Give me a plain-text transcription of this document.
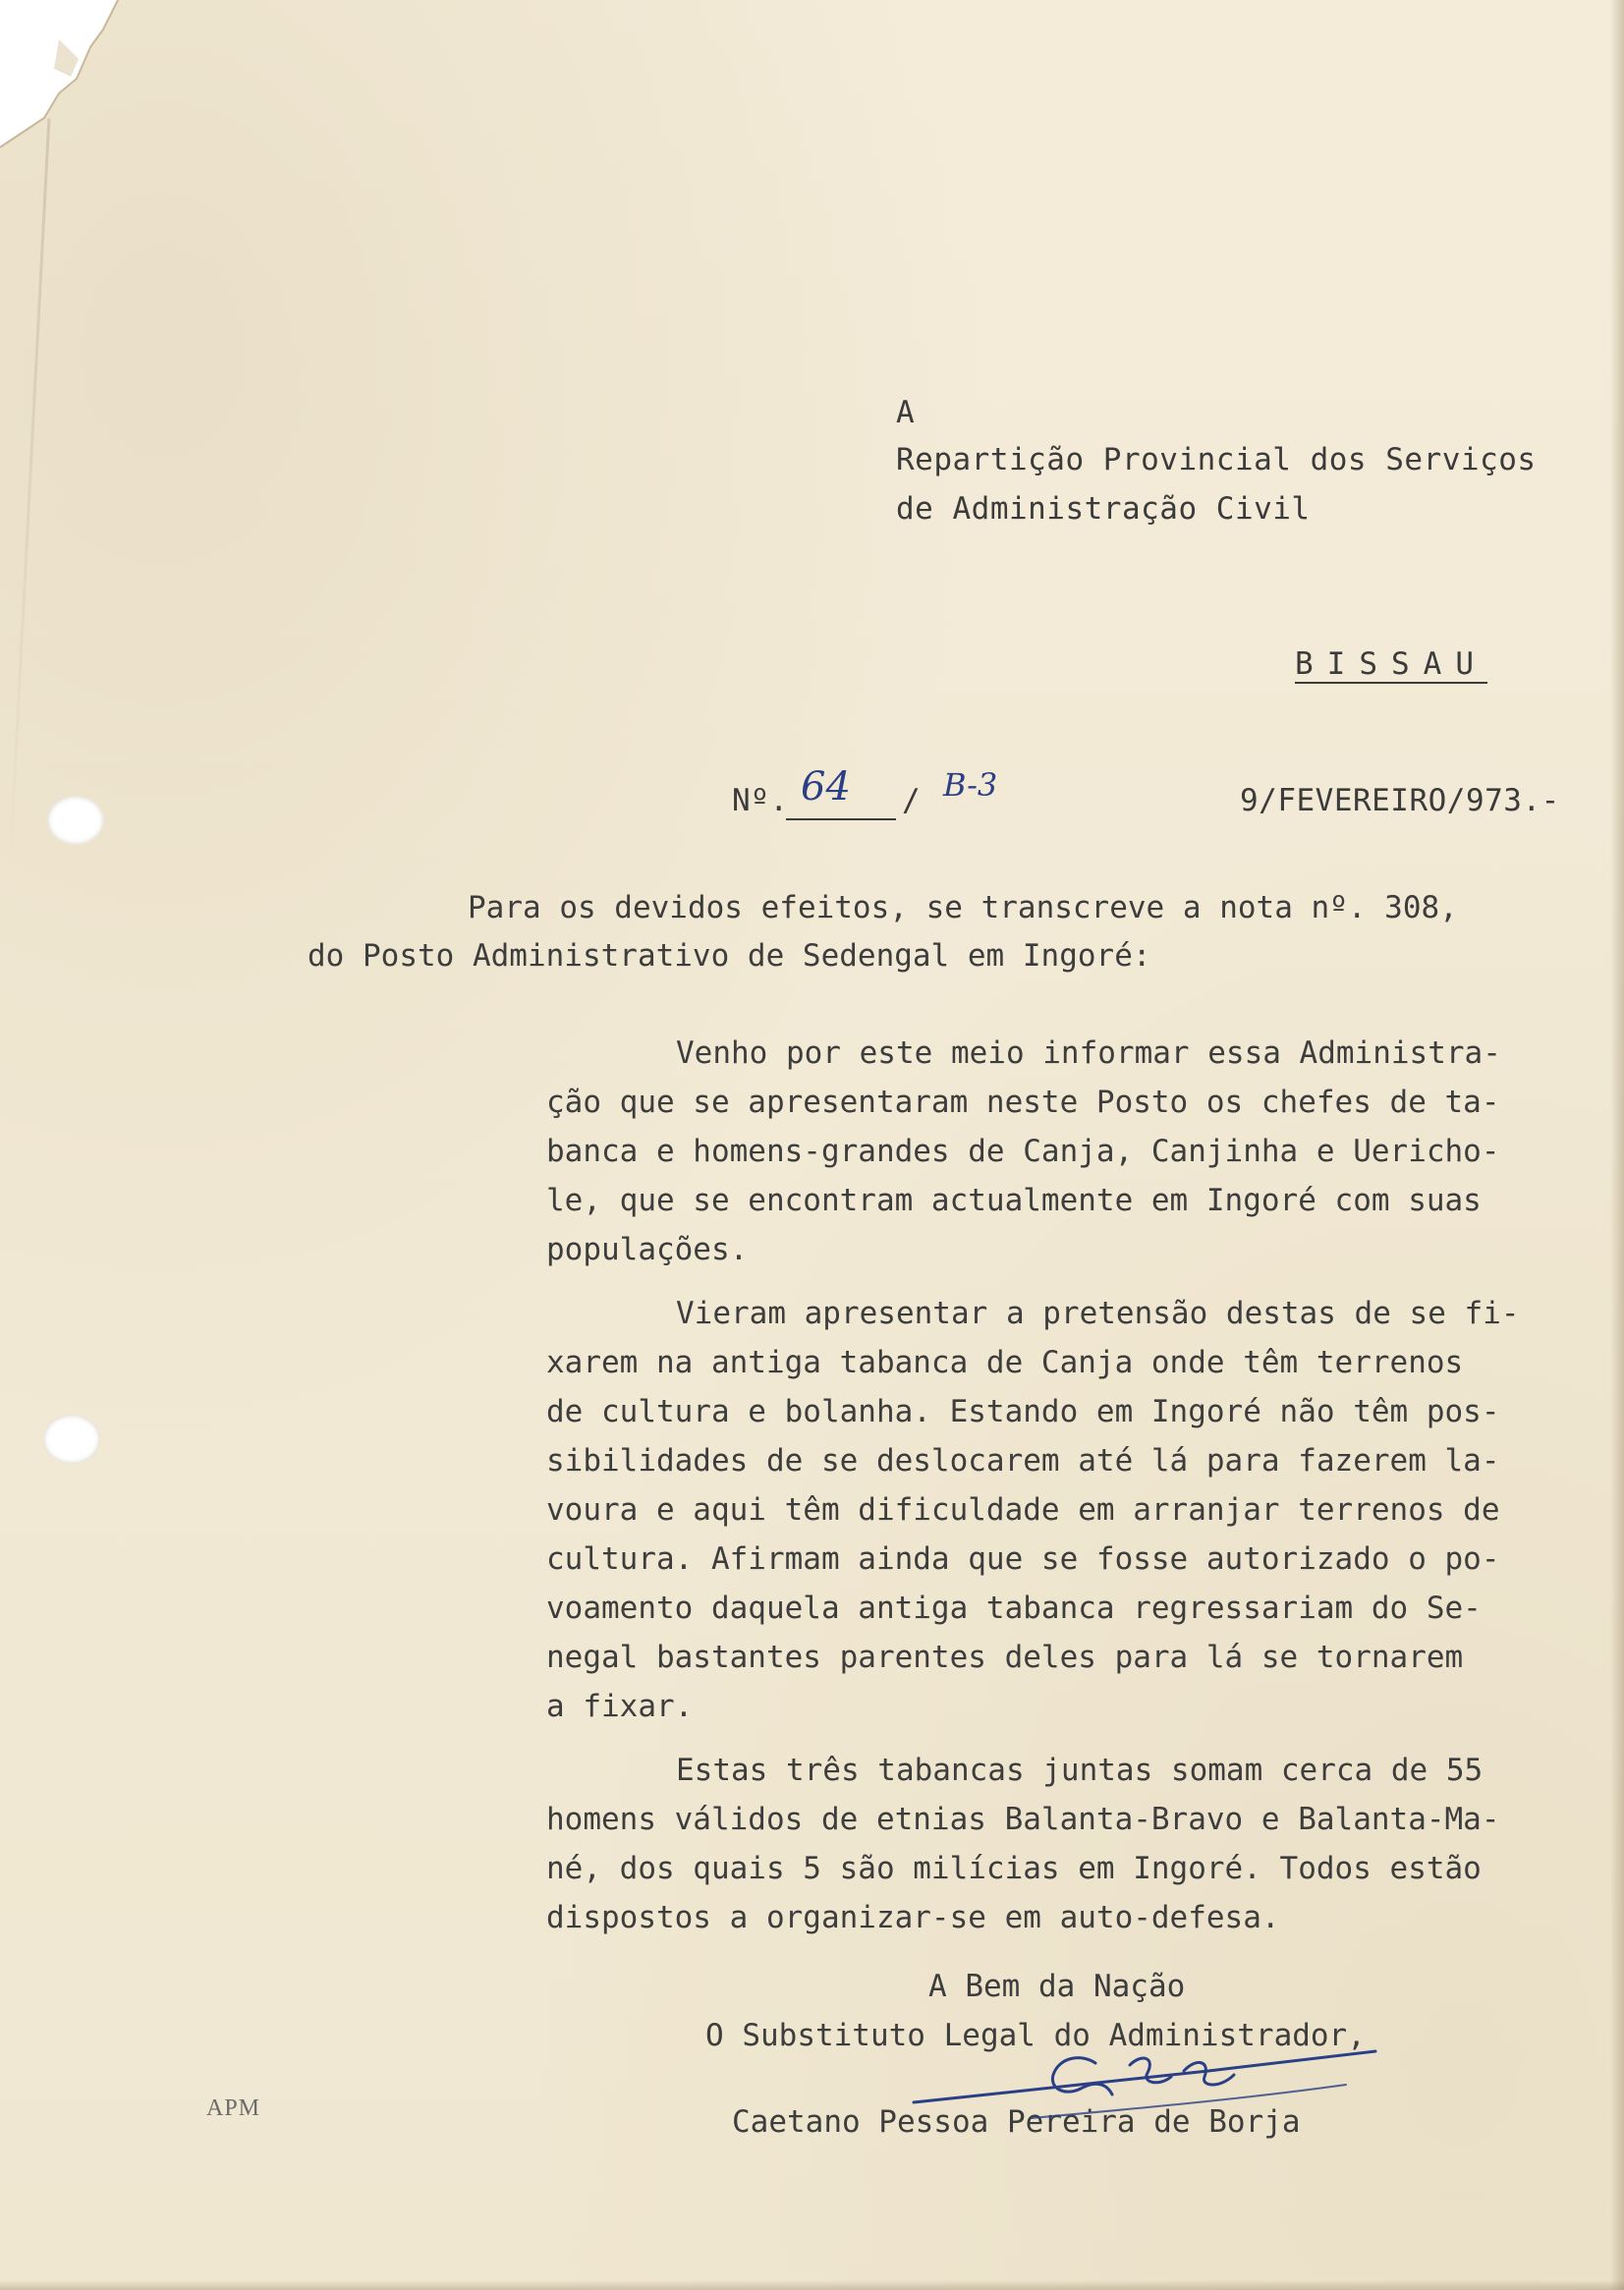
A
Repartição Provincial dos Serviços
de Administração Civil
BISSAU
Nº. 64 / B-3	9/FEVEREIRO/973.-
Para os devidos efeitos, se transcreve a nota nº. 308,
do Posto Administrativo de Sedengal em Ingoré:
Venho por este meio informar essa Administra-
ção que se apresentaram neste Posto os chefes de ta-
banca e homens-grandes de Canja, Canjinha e Uerichо-
le, que se encontram actualmente em Ingoré com suas
populações.
Vieram apresentar a pretensão destas de se fi-
xarem na antiga tabanca de Canja onde têm terrenos
de cultura e bolanha. Estando em Ingoré não têm pos-
sibilidades de se deslocarem até lá para fazerem la-
voura e aqui têm dificuldade em arranjar terrenos de
cultura. Afirmam ainda que se fosse autorizado o po-
voamento daquela antiga tabanca regressariam do Se-
negal bastantes parentes deles para lá se tornarem
a fixar.
Estas três tabancas juntas somam cerca de 55
homens válidos de etnias Balanta-Bravo e Balanta-Ma-
né, dos quais 5 são milícias em Ingoré. Todos estão
dispostos a organizar-se em auto-defesa.
A Bem da Nação
O Substituto Legal do Administrador,
Caetano Pessoa Pereira de Borja
APM
